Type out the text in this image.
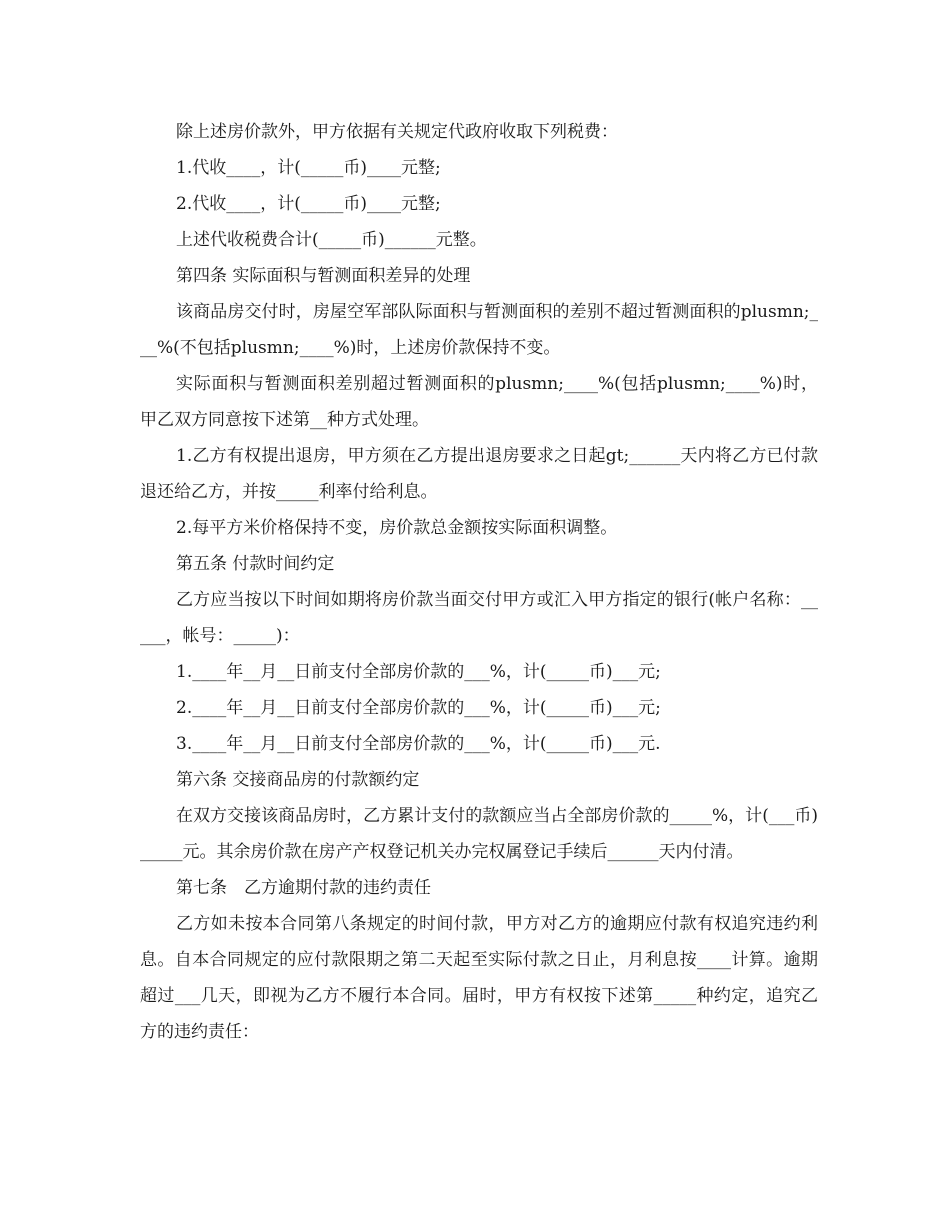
除上述房价款外，甲方依据有关规定代政府收取下列税费：

1.代收____，计(_____币)____元整;

2.代收____，计(_____币)____元整;

上述代收税费合计(_____币)______元整。

第四条 实际面积与暂测面积差异的处理

该商品房交付时，房屋空军部队际面积与暂测面积的差别不超过暂测面积的plusmn;___%(不包括plusmn;____%)时，上述房价款保持不变。

实际面积与暂测面积差别超过暂测面积的plusmn;____%(包括plusmn;____%)时，甲乙双方同意按下述第__种方式处理。

1.乙方有权提出退房，甲方须在乙方提出退房要求之日起gt;______天内将乙方已付款退还给乙方，并按_____利率付给利息。

2.每平方米价格保持不变，房价款总金额按实际面积调整。

第五条 付款时间约定

乙方应当按以下时间如期将房价款当面交付甲方或汇入甲方指定的银行(帐户名称：_____，帐号：_____)：

1.____年__月__日前支付全部房价款的___%，计(_____币)___元;

2.____年__月__日前支付全部房价款的___%，计(_____币)___元;

3.____年__月__日前支付全部房价款的___%，计(_____币)___元.

第六条 交接商品房的付款额约定

在双方交接该商品房时，乙方累计支付的款额应当占全部房价款的_____%，计(___币)_____元。其余房价款在房产产权登记机关办完权属登记手续后______天内付清。

第七条　乙方逾期付款的违约责任

乙方如未按本合同第八条规定的时间付款，甲方对乙方的逾期应付款有权追究违约利息。自本合同规定的应付款限期之第二天起至实际付款之日止，月利息按____计算。逾期超过___几天，即视为乙方不履行本合同。届时，甲方有权按下述第_____种约定，追究乙方的违约责任：
